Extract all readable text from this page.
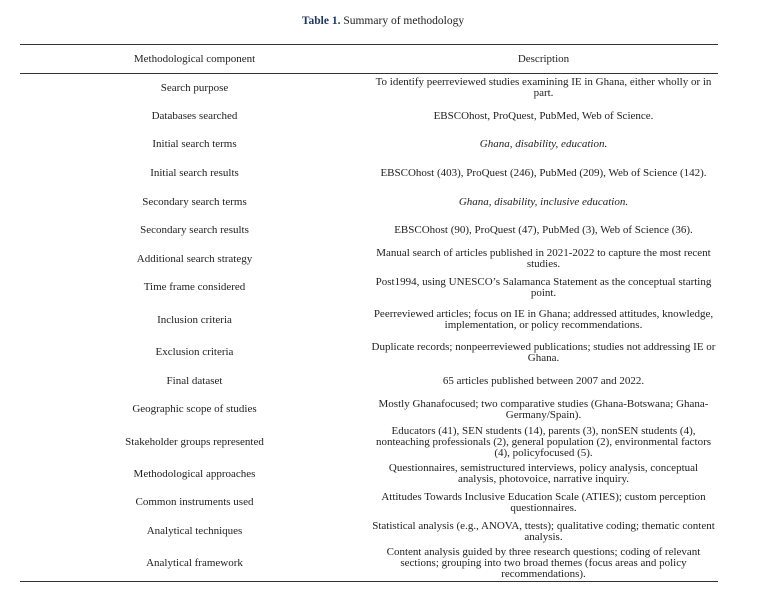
Table 1. Summary of methodology
Methodological component	Description
Search purpose	To identify peerreviewed studies examining IE in Ghana, either wholly or in part.
Databases searched	EBSCOhost, ProQuest, PubMed, Web of Science.
Initial search terms	Ghana, disability, education.
Initial search results	EBSCOhost (403), ProQuest (246), PubMed (209), Web of Science (142).
Secondary search terms	Ghana, disability, inclusive education.
Secondary search results	EBSCOhost (90), ProQuest (47), PubMed (3), Web of Science (36).
Additional search strategy	Manual search of articles published in 2021-2022 to capture the most recent studies.
Time frame considered	Post1994, using UNESCO’s Salamanca Statement as the conceptual starting point.
Inclusion criteria	Peerreviewed articles; focus on IE in Ghana; addressed attitudes, knowledge, implementation, or policy recommendations.
Exclusion criteria	Duplicate records; nonpeerreviewed publications; studies not addressing IE or Ghana.
Final dataset	65 articles published between 2007 and 2022.
Geographic scope of studies	Mostly Ghanafocused; two comparative studies (Ghana-Botswana; Ghana-Germany/Spain).
Stakeholder groups represented	Educators (41), SEN students (14), parents (3), nonSEN students (4), nonteaching professionals (2), general population (2), environmental factors (4), policyfocused (5).
Methodological approaches	Questionnaires, semistructured interviews, policy analysis, conceptual analysis, photovoice, narrative inquiry.
Common instruments used	Attitudes Towards Inclusive Education Scale (ATIES); custom perception questionnaires.
Analytical techniques	Statistical analysis (e.g., ANOVA, ttests); qualitative coding; thematic content analysis.
Analytical framework	Content analysis guided by three research questions; coding of relevant sections; grouping into two broad themes (focus areas and policy recommendations).
